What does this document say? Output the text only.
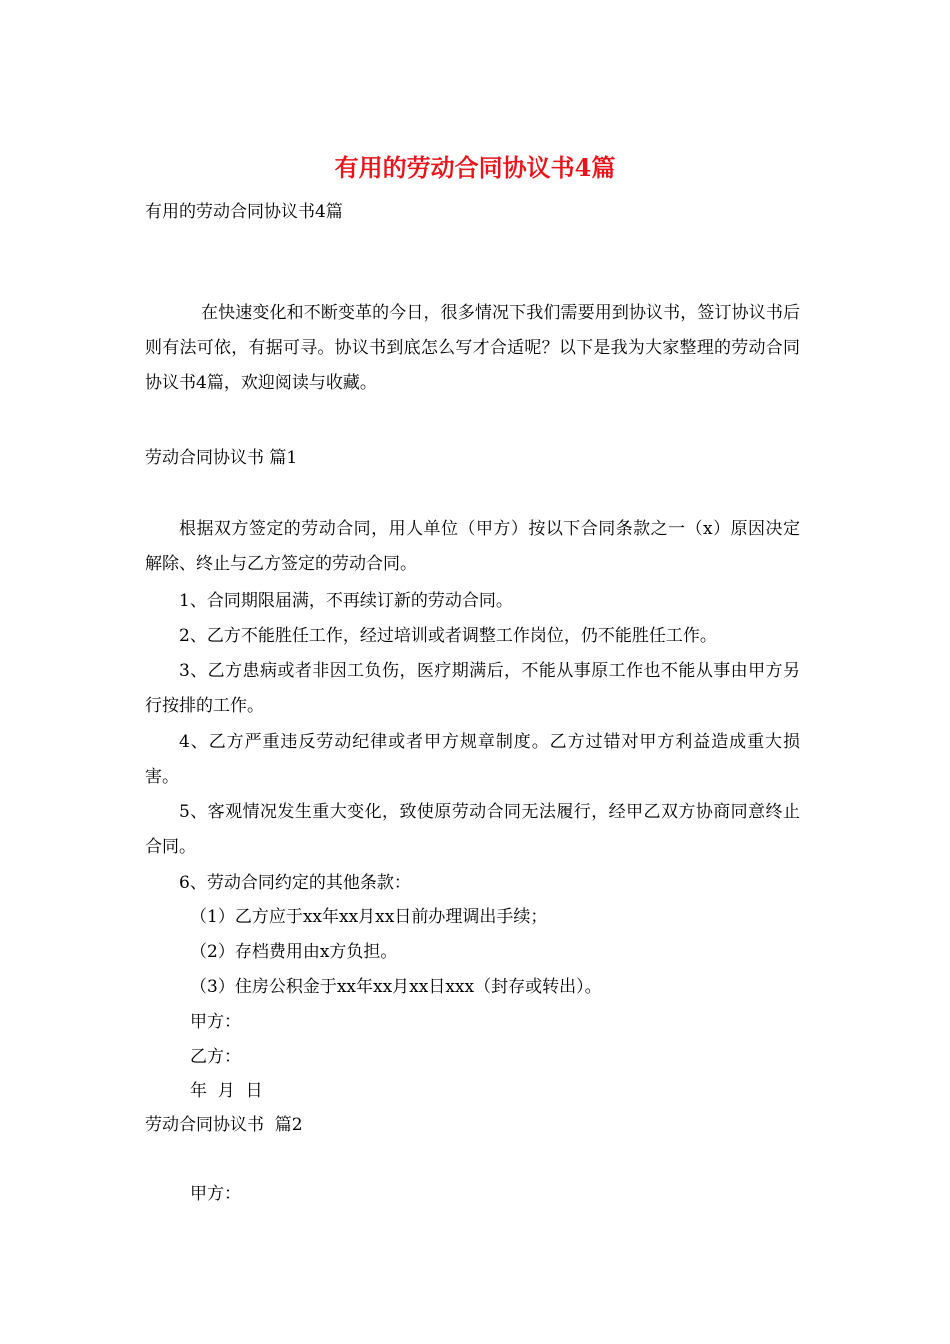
有用的劳动合同协议书4篇

有用的劳动合同协议书4篇

在快速变化和不断变革的今日，很多情况下我们需要用到协议书，签订协议书后则有法可依，有据可寻。协议书到底怎么写才合适呢？以下是我为大家整理的劳动合同协议书4篇，欢迎阅读与收藏。

劳动合同协议书 篇1

根据双方签定的劳动合同，用人单位（甲方）按以下合同条款之一（x）原因决定解除、终止与乙方签定的劳动合同。

1、合同期限届满，不再续订新的劳动合同。

2、乙方不能胜任工作，经过培训或者调整工作岗位，仍不能胜任工作。

3、乙方患病或者非因工负伤，医疗期满后，不能从事原工作也不能从事由甲方另行按排的工作。

4、乙方严重违反劳动纪律或者甲方规章制度。乙方过错对甲方利益造成重大损害。

5、客观情况发生重大变化，致使原劳动合同无法履行，经甲乙双方协商同意终止合同。

6、劳动合同约定的其他条款：

（1）乙方应于xx年xx月xx日前办理调出手续；

（2）存档费用由x方负担。

（3）住房公积金于xx年xx月xx日xxx（封存或转出）。

甲方：

乙方：

年  月  日

劳动合同协议书  篇2

甲方：
